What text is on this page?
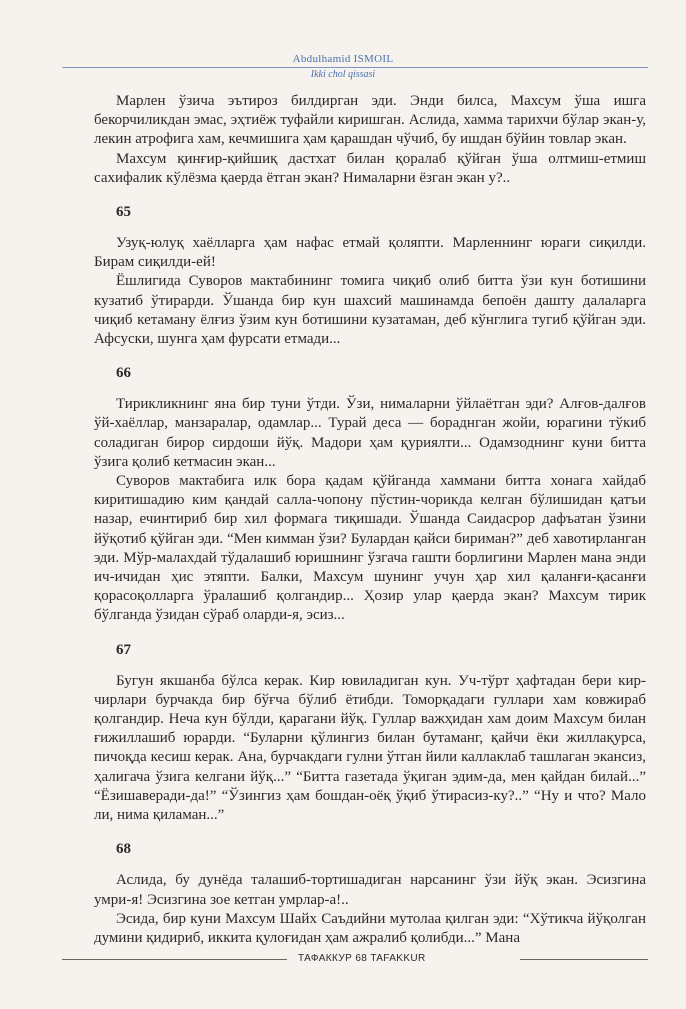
Abdulhamid ISMOIL
Ikki chol qissasi

Марлен ўзича эътироз билдирган эди. Энди билса, Махсум ўша ишга бекорчиликдан эмас, эҳтиёж туфайли киришган. Аслида, хамма тарихчи бўлар экан-у, лекин атрофига хам, кечмишига ҳам қарашдан чўчиб, бу ишдан бўйин товлар экан.

Махсум қинғир-қийшиқ дастхат билан қоралаб қўйган ўша олтмиш-етмиш сахифалик кўлёзма қаерда ётган экан? Нималарни ёзган экан у?..

65

Узуқ-юлуқ хаёлларга ҳам нафас етмай қоляпти. Марленнинг юраги сиқилди. Бирам сиқилди-ей!

Ёшлигида Суворов мактабининг томига чиқиб олиб битта ўзи кун ботишини кузатиб ўтирарди. Ўшанда бир кун шахсий машинамда бепоён даштy далаларга чиқиб кетаману ёлғиз ўзим кун ботишини кузатаман, деб кўнглига тугиб қўйган эди. Афсуски, шунга ҳам фурсати етмади...

66

Тирикликнинг яна бир туни ўтди. Ўзи, нималарни ўйлаётган эди? Алғов-далғов ўй-хаёллар, манзаралар, одамлар... Турай деса — бораднган жойи, юрагини тўкиб соладиган бирор сирдоши йўқ. Мадори ҳам қуриялти... Одамзоднинг куни битта ўзига қолиб кетмасин экан...

Суворов мактабига илк бора қадам қўйганда хаммани битта хонага хайдаб киритишадию ким қандай салла-чопону пўстин-чорикда келган бўлишидан қатъи назар, ечинтириб бир хил формага тиқишади. Ўшанда Саидасрор дафъатан ўзини йўқотиб қўйган эди. “Мен кимман ўзи? Булардан қайси бириман?” деб хавотирланган эди. Мўр-малахдай тўдалашиб юришнинг ўзгача гашти борлигини Марлен мана энди ич-ичидан ҳис этяпти. Балки, Махсум шунинг учун ҳар хил қаланғи-қасанғи қорасоқолларга ўралашиб қолгандир... Ҳозир улар қаерда экан? Махсум тирик бўлганда ўзидан сўраб оларди-я, эсиз...

67

Бугун якшанба бўлса керак. Кир ювиладиган кун. Уч-тўрт ҳафтадан бери кир-чирлари бурчакда бир бўғча бўлиб ётибди. Томорқадаги гуллари хам ковжираб қолгандир. Неча кун бўлди, қарагани йўқ. Гуллар важҳидан хам доим Махсум билан ғижиллашиб юрарди. “Буларни қўлингиз билан бутаманг, қайчи ёки жиллақурса, пичоқда кесиш керак. Ана, бурчакдаги гулни ўтган йили каллаклаб ташлаган экансиз, ҳалигача ўзига келгани йўқ...” “Битта газетада ўқиган эдим-да, мен қайдан билай...” “Ёзишаверади-да!” “Ўзингиз ҳам бошдан-оёқ ўқиб ўтирасиз-ку?..” “Ну и что? Мало ли, нима қиламан...”

68

Аслида, бу дунёда талашиб-тортишадиган нарсанинг ўзи йўқ экан. Эсизгина умри-я! Эсизгина зое кетган умрлар-а!..

Эсида, бир куни Махсум Шайх Саъдийни мутолаа қилган эди: “Хўтикча йўқолган думини қидириб, иккита қулоғидан ҳам ажралиб қолибди...” Мана

ТАФАККУР 68 TAFAKKUR
